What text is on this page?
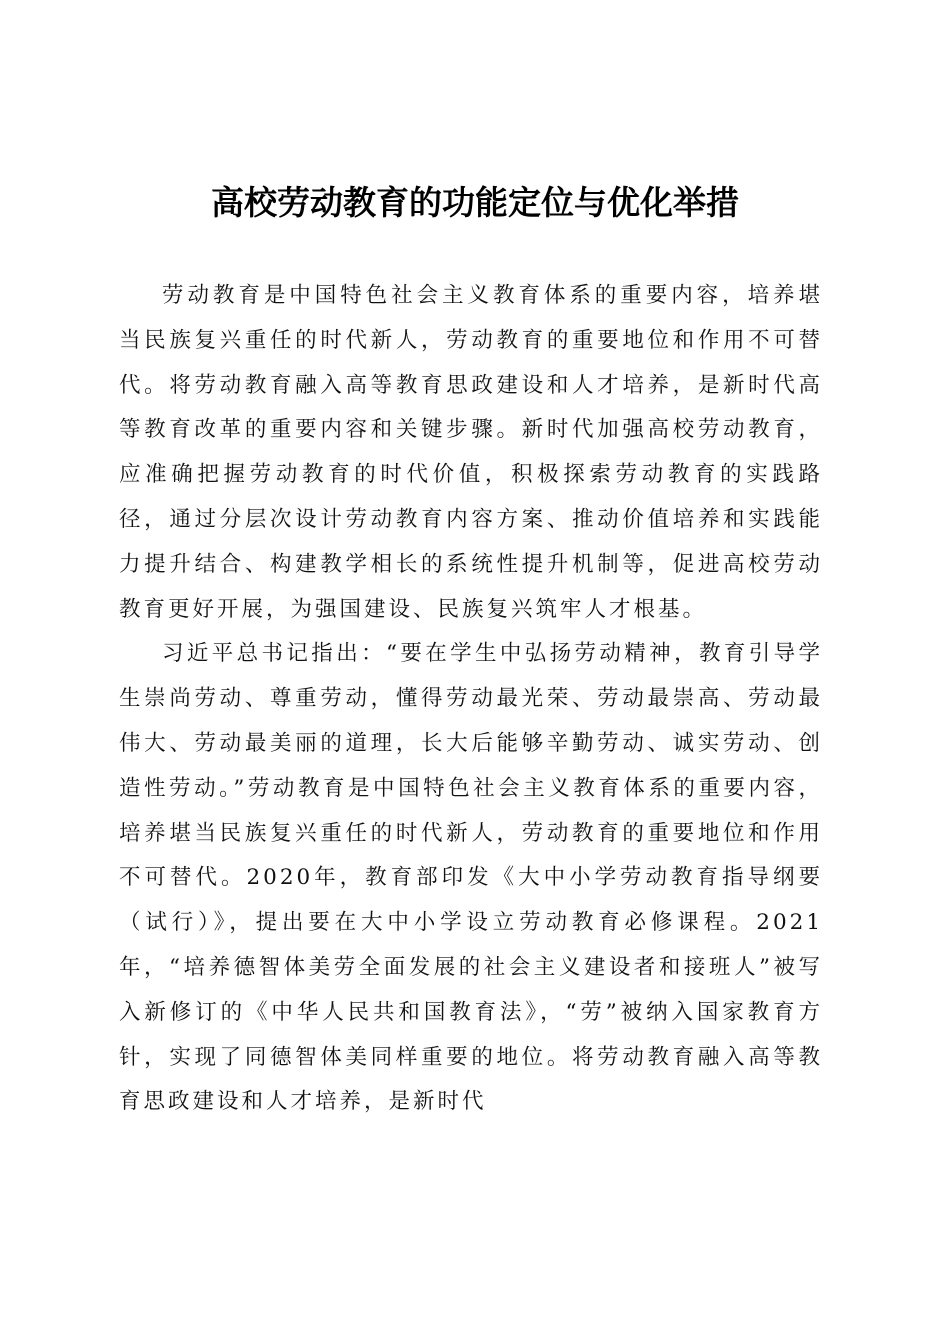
高校劳动教育的功能定位与优化举措

劳动教育是中国特色社会主义教育体系的重要内容，培养堪当民族复兴重任的时代新人，劳动教育的重要地位和作用不可替代。将劳动教育融入高等教育思政建设和人才培养，是新时代高等教育改革的重要内容和关键步骤。新时代加强高校劳动教育，应准确把握劳动教育的时代价值，积极探索劳动教育的实践路径，通过分层次设计劳动教育内容方案、推动价值培养和实践能力提升结合、构建教学相长的系统性提升机制等，促进高校劳动教育更好开展，为强国建设、民族复兴筑牢人才根基。

习近平总书记指出：“要在学生中弘扬劳动精神，教育引导学生崇尚劳动、尊重劳动，懂得劳动最光荣、劳动最崇高、劳动最伟大、劳动最美丽的道理，长大后能够辛勤劳动、诚实劳动、创造性劳动。”劳动教育是中国特色社会主义教育体系的重要内容，培养堪当民族复兴重任的时代新人，劳动教育的重要地位和作用不可替代。2020年，教育部印发《大中小学劳动教育指导纲要（试行）》，提出要在大中小学设立劳动教育必修课程。2021年，“培养德智体美劳全面发展的社会主义建设者和接班人”被写入新修订的《中华人民共和国教育法》，“劳”被纳入国家教育方针，实现了同德智体美同样重要的地位。将劳动教育融入高等教育思政建设和人才培养，是新时代
